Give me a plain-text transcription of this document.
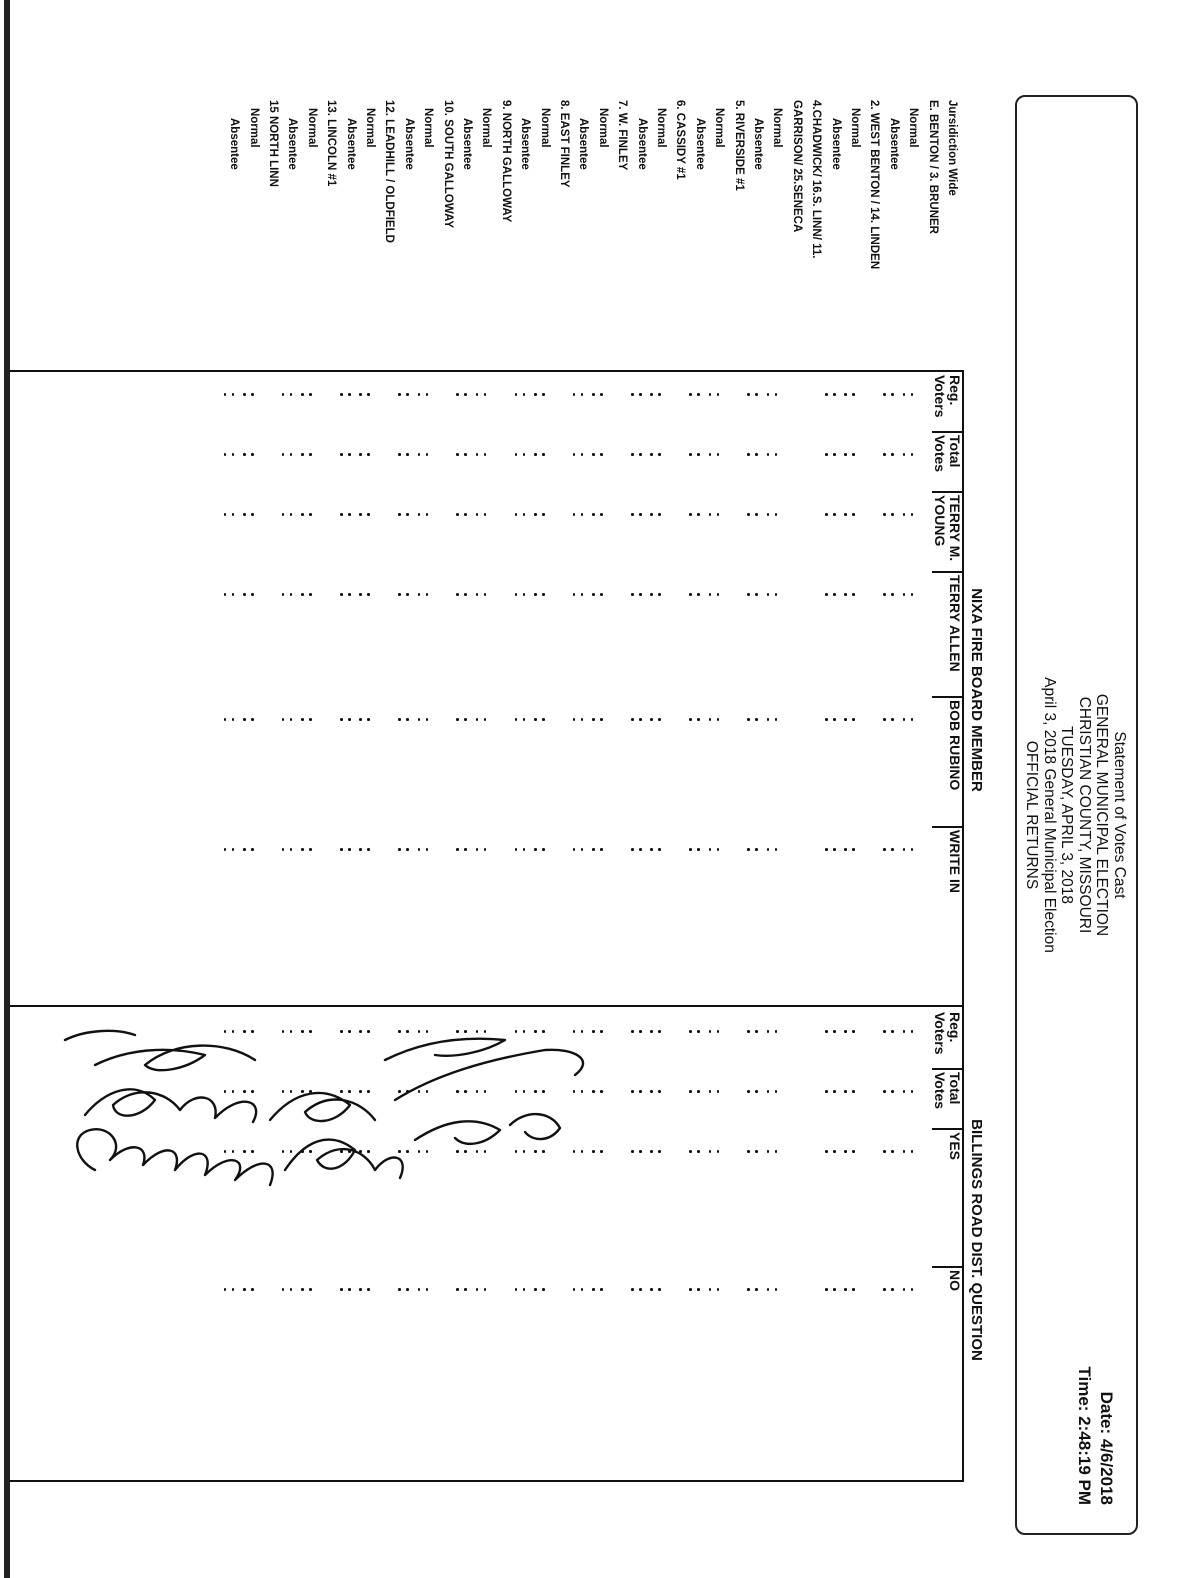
Statement of Votes Cast
GENERAL MUNICIPAL ELECTION
CHRISTIAN COUNTY, MISSOURI
TUESDAY, APRIL 3, 2018
April 3, 2018 General Municipal Election
OFFICIAL RETURNS
Date: 4/6/2018
Time: 2:48:19 PM
Jursidiction Wide
E. BENTON / 3. BRUNER
Normal
Absentee
2. WEST BENTON / 14. LINDEN
Normal
Absentee
4.CHADWICK/ 16.S. LINN/ 11.
GARRISON/ 25.SENECA
Normal
Absentee
5. RIVERSIDE #1
Normal
Absentee
6. CASSIDY #1
Normal
Absentee
7. W. FINLEY
Normal
Absentee
8. EAST FINLEY
Normal
Absentee
9. NORTH GALLOWAY
Normal
Absentee
10. SOUTH GALLOWAY
Normal
Absentee
12. LEADHILL / OLDFIELD
Normal
Absentee
13. LINCOLN #1
Normal
Absentee
15 NORTH LINN
Normal
Absentee
NIXA FIRE BOARD MEMBER
Reg.
Voters
Total
Votes
TERRY M.
YOUNG
TERRY ALLEN
BOB RUBINO
WRITE IN
BILLINGS ROAD DIST. QUESTION
Reg.
Voters
Total
Votes
YES
NO
